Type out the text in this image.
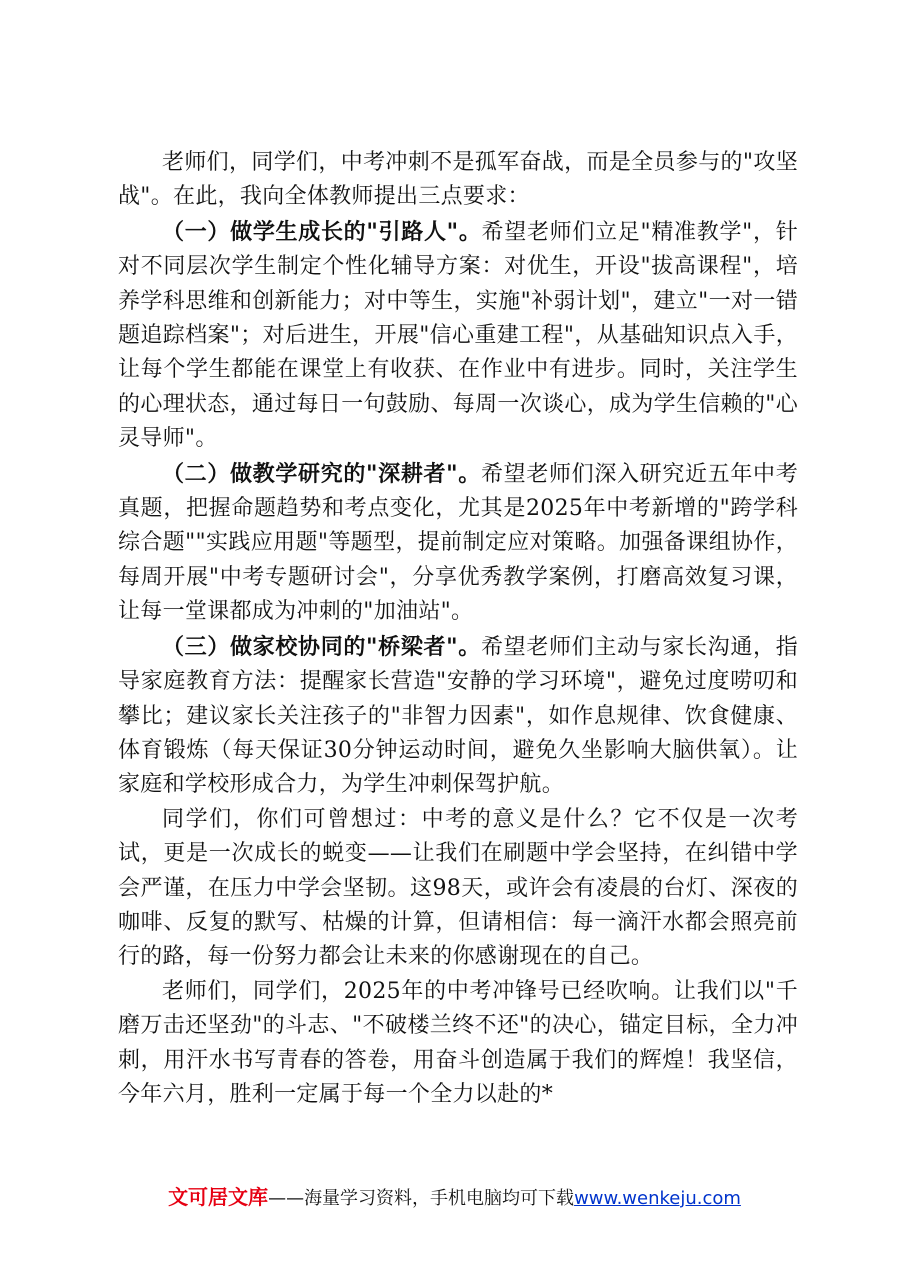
老师们，同学们，中考冲刺不是孤军奋战，而是全员参与的"攻坚战"。在此，我向全体教师提出三点要求：

（一）做学生成长的"引路人"。希望老师们立足"精准教学"，针对不同层次学生制定个性化辅导方案：对优生，开设"拔高课程"，培养学科思维和创新能力；对中等生，实施"补弱计划"，建立"一对一错题追踪档案"；对后进生，开展"信心重建工程"，从基础知识点入手，让每个学生都能在课堂上有收获、在作业中有进步。同时，关注学生的心理状态，通过每日一句鼓励、每周一次谈心，成为学生信赖的"心灵导师"。

（二）做教学研究的"深耕者"。希望老师们深入研究近五年中考真题，把握命题趋势和考点变化，尤其是2025年中考新增的"跨学科综合题""实践应用题"等题型，提前制定应对策略。加强备课组协作，每周开展"中考专题研讨会"，分享优秀教学案例，打磨高效复习课，让每一堂课都成为冲刺的"加油站"。

（三）做家校协同的"桥梁者"。希望老师们主动与家长沟通，指导家庭教育方法：提醒家长营造"安静的学习环境"，避免过度唠叨和攀比；建议家长关注孩子的"非智力因素"，如作息规律、饮食健康、体育锻炼（每天保证30分钟运动时间，避免久坐影响大脑供氧）。让家庭和学校形成合力，为学生冲刺保驾护航。

同学们，你们可曾想过：中考的意义是什么？它不仅是一次考试，更是一次成长的蜕变——让我们在刷题中学会坚持，在纠错中学会严谨，在压力中学会坚韧。这98天，或许会有凌晨的台灯、深夜的咖啡、反复的默写、枯燥的计算，但请相信：每一滴汗水都会照亮前行的路，每一份努力都会让未来的你感谢现在的自己。

老师们，同学们，2025年的中考冲锋号已经吹响。让我们以"千磨万击还坚劲"的斗志、"不破楼兰终不还"的决心，锚定目标，全力冲刺，用汗水书写青春的答卷，用奋斗创造属于我们的辉煌！我坚信，今年六月，胜利一定属于每一个全力以赴的*

文可居文库——海量学习资料，手机电脑均可下载www.wenkeju.com
